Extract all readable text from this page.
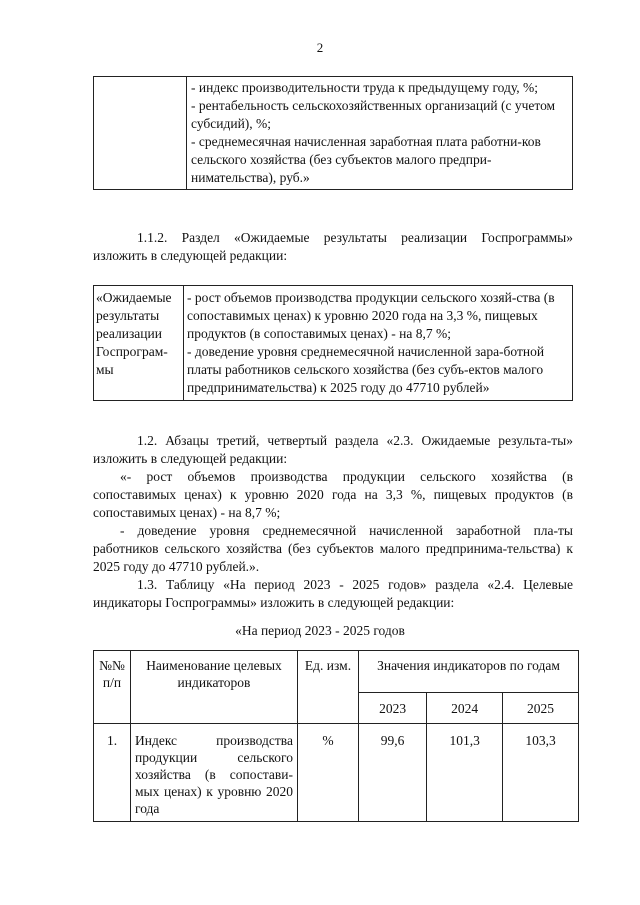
2

- индекс производительности труда к предыдущему году, %;
- рентабельность сельскохозяйственных организаций (с учетом субсидий), %;
- среднемесячная начисленная заработная плата работни-ков сельского хозяйства (без субъектов малого предпри-нимательства), руб.»
1.1.2. Раздел «Ожидаемые результаты реализации Госпрограммы» изложить в следующей редакции:
«Ожидаемые результаты реализации Госпрограм-мы	
- рост объемов производства продукции сельского хозяй-ства (в сопоставимых ценах) к уровню 2020 года на 3,3 %, пищевых продуктов (в сопоставимых ценах) - на 8,7 %;
- доведение уровня среднемесячной начисленной зара-ботной платы работников сельского хозяйства (без субъ-ектов малого предпринимательства) к 2025 году до 47710 рублей»
1.2. Абзацы третий, четвертый раздела «2.3. Ожидаемые результа-ты» изложить в следующей редакции:
«- рост объемов производства продукции сельского хозяйства (в сопоставимых ценах) к уровню 2020 года на 3,3 %, пищевых продуктов (в сопоставимых ценах) - на 8,7 %;
- доведение уровня среднемесячной начисленной заработной пла-ты работников сельского хозяйства (без субъектов малого предпринима-тельства) к 2025 году до 47710 рублей.».
1.3. Таблицу «На период 2023 - 2025 годов» раздела «2.4. Целевые индикаторы Госпрограммы» изложить в следующей редакции:
«На период 2023 - 2025 годов
№№ п/п	Наименование целевых индикаторов	Ед. изм.	Значения индикаторов по годам		
			2023	2024	2025
1.	Индекс производства продукции сельского хозяйства (в сопостави-мых ценах) к уровню 2020 года	%	99,6	101,3	103,3
